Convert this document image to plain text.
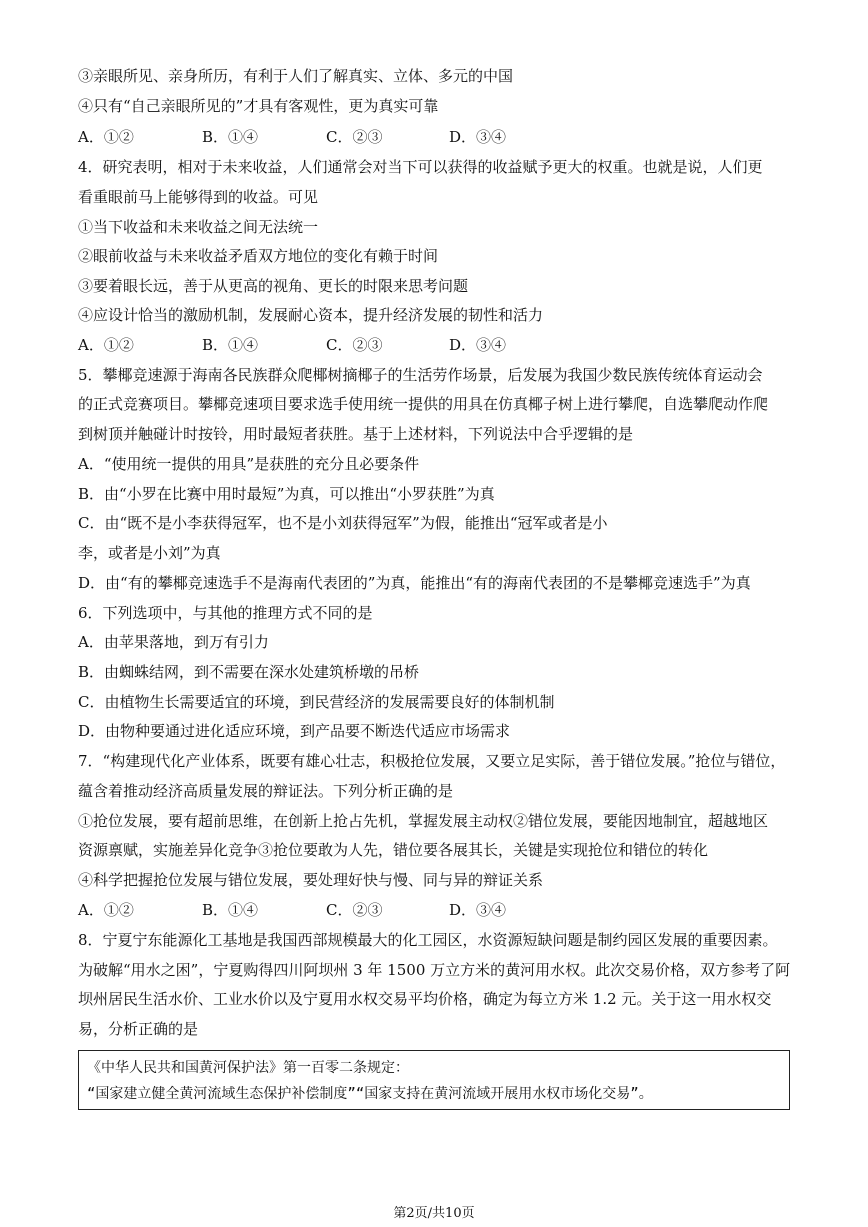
③亲眼所见、亲身所历，有利于人们了解真实、立体、多元的中国
④只有“自己亲眼所见的”才具有客观性，更为真实可靠
A．①②	B．①④	C．②③	D．③④
4．研究表明，相对于未来收益，人们通常会对当下可以获得的收益赋予更大的权重。也就是说，人们更
看重眼前马上能够得到的收益。可见
①当下收益和未来收益之间无法统一
②眼前收益与未来收益矛盾双方地位的变化有赖于时间
③要着眼长远，善于从更高的视角、更长的时限来思考问题
④应设计恰当的激励机制，发展耐心资本，提升经济发展的韧性和活力
A．①②	B．①④	C．②③	D．③④
5．攀椰竞速源于海南各民族群众爬椰树摘椰子的生活劳作场景，后发展为我国少数民族传统体育运动会
的正式竞赛项目。攀椰竞速项目要求选手使用统一提供的用具在仿真椰子树上进行攀爬，自选攀爬动作爬
到树顶并触碰计时按铃，用时最短者获胜。基于上述材料，下列说法中合乎逻辑的是
A．“使用统一提供的用具”是获胜的充分且必要条件
B．由“小罗在比赛中用时最短”为真，可以推出“小罗获胜”为真
C．由“既不是小李获得冠军，也不是小刘获得冠军”为假，能推出“冠军或者是小
李，或者是小刘”为真
D．由“有的攀椰竞速选手不是海南代表团的”为真，能推出“有的海南代表团的不是攀椰竞速选手”为真
6．下列选项中，与其他的推理方式不同的是
A．由苹果落地，到万有引力
B．由蜘蛛结网，到不需要在深水处建筑桥墩的吊桥
C．由植物生长需要适宜的环境，到民营经济的发展需要良好的体制机制
D．由物种要通过进化适应环境，到产品要不断迭代适应市场需求
7．“构建现代化产业体系，既要有雄心壮志，积极抢位发展，又要立足实际，善于错位发展。”抢位与错位，
蕴含着推动经济高质量发展的辩证法。下列分析正确的是
①抢位发展，要有超前思维，在创新上抢占先机，掌握发展主动权②错位发展，要能因地制宜，超越地区
资源禀赋，实施差异化竞争③抢位要敢为人先，错位要各展其长，关键是实现抢位和错位的转化
④科学把握抢位发展与错位发展，要处理好快与慢、同与异的辩证关系
A．①②	B．①④	C．②③	D．③④
8．宁夏宁东能源化工基地是我国西部规模最大的化工园区，水资源短缺问题是制约园区发展的重要因素。
为破解“用水之困”，宁夏购得四川阿坝州 3 年 1500 万立方米的黄河用水权。此次交易价格，双方参考了阿
坝州居民生活水价、工业水价以及宁夏用水权交易平均价格，确定为每立方米 1.2 元。关于这一用水权交
易，分析正确的是
《中华人民共和国黄河保护法》第一百零二条规定：
“国家建立健全黄河流域生态保护补偿制度”“国家支持在黄河流域开展用水权市场化交易”。
第2页/共10页
